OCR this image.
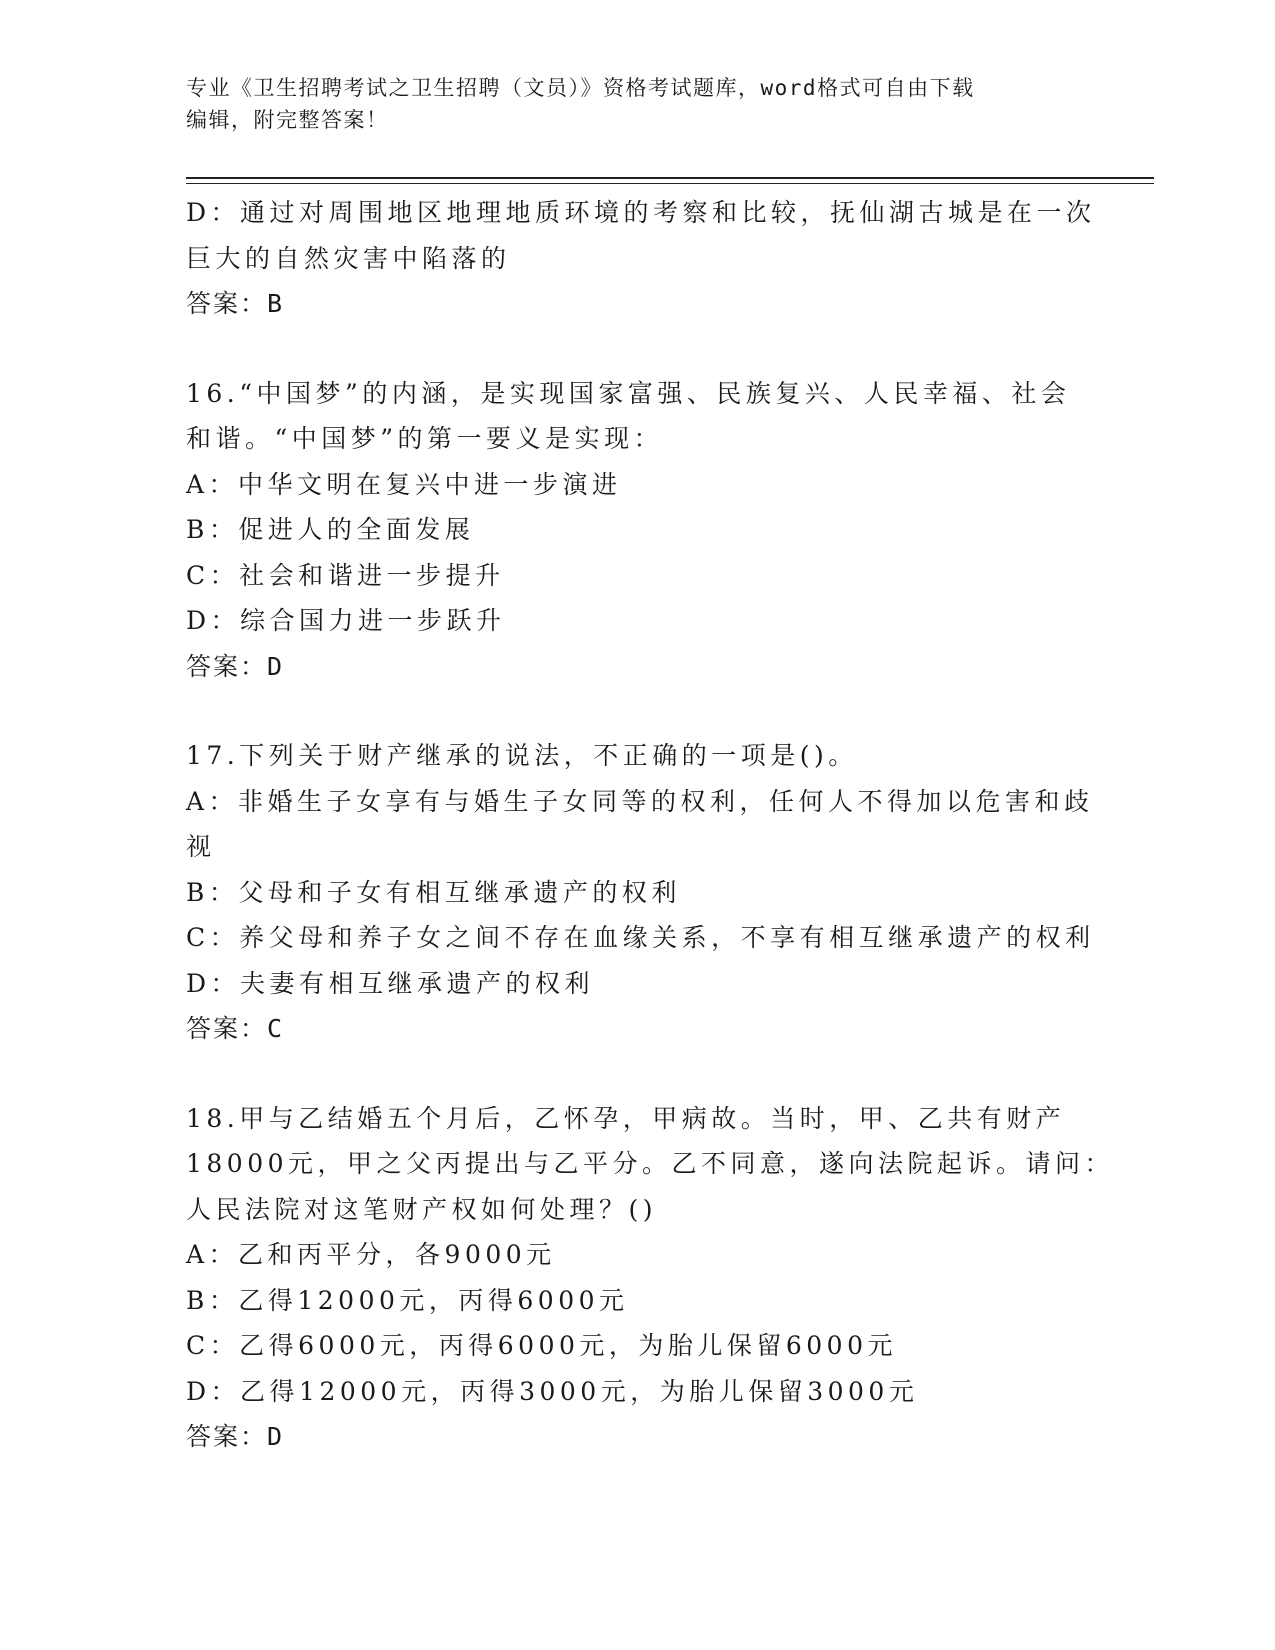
专业《卫生招聘考试之卫生招聘（文员）》资格考试题库，word格式可自由下载
编辑，附完整答案！
D：通过对周围地区地理地质环境的考察和比较，抚仙湖古城是在一次
巨大的自然灾害中陷落的
答案：B
16.“中国梦”的内涵，是实现国家富强、民族复兴、人民幸福、社会
和谐。“中国梦”的第一要义是实现：
A：中华文明在复兴中进一步演进
B：促进人的全面发展
C：社会和谐进一步提升
D：综合国力进一步跃升
答案：D
17.下列关于财产继承的说法，不正确的一项是()。
A：非婚生子女享有与婚生子女同等的权利，任何人不得加以危害和歧
视
B：父母和子女有相互继承遗产的权利
C：养父母和养子女之间不存在血缘关系，不享有相互继承遗产的权利
D：夫妻有相互继承遗产的权利
答案：C
18.甲与乙结婚五个月后，乙怀孕，甲病故。当时，甲、乙共有财产
18000元，甲之父丙提出与乙平分。乙不同意，遂向法院起诉。请问：
人民法院对这笔财产权如何处理？()
A：乙和丙平分，各9000元
B：乙得12000元，丙得6000元
C：乙得6000元，丙得6000元，为胎儿保留6000元
D：乙得12000元，丙得3000元，为胎儿保留3000元
答案：D
